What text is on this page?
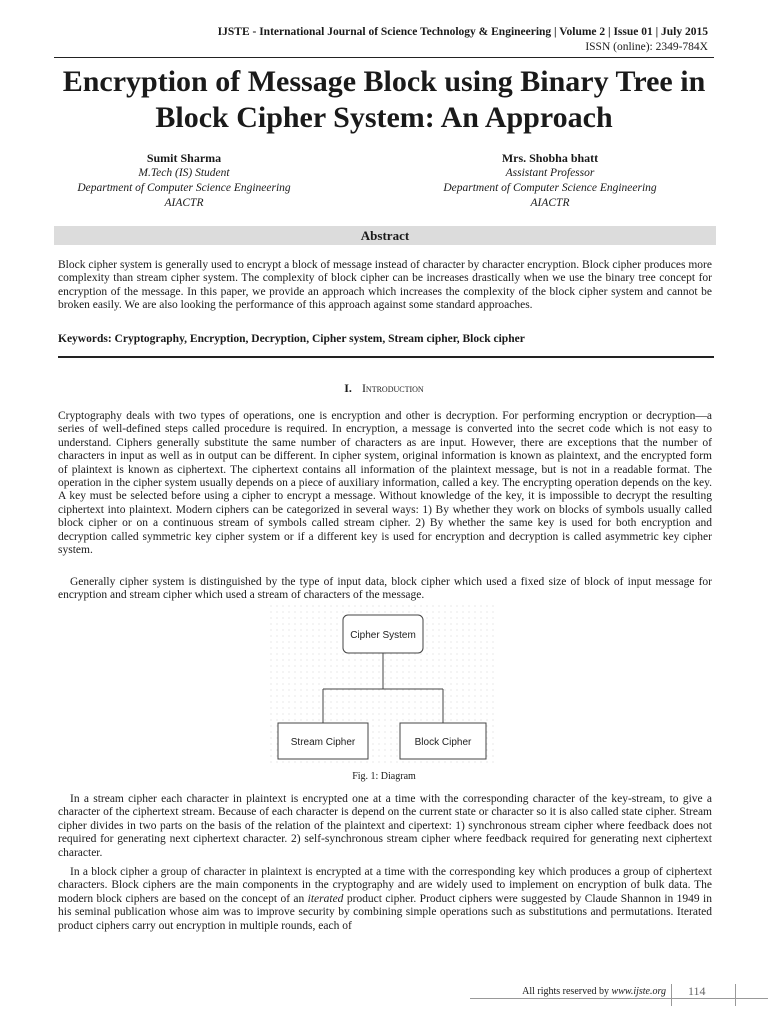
IJSTE - International Journal of Science Technology & Engineering | Volume 2 | Issue 01 | July 2015
ISSN (online): 2349-784X
Encryption of Message Block using Binary Tree in
Block Cipher System: An Approach
Sumit Sharma
M.Tech (IS) Student
Department of Computer Science Engineering
AIACTR
Mrs. Shobha bhatt
Assistant Professor
Department of Computer Science Engineering
AIACTR
Abstract
Block cipher system is generally used to encrypt a block of message instead of character by character encryption. Block cipher produces more complexity than stream cipher system. The complexity of block cipher can be increases drastically when we use the binary tree concept for encryption of the message. In this paper, we provide an approach which increases the complexity of the block cipher system and cannot be broken easily. We are also looking the performance of this approach against some standard approaches.
Keywords: Cryptography, Encryption, Decryption, Cipher system, Stream cipher, Block cipher
I. Introduction
Cryptography deals with two types of operations, one is encryption and other is decryption. For performing encryption or decryption—a series of well-defined steps called procedure is required. In encryption, a message is converted into the secret code which is not easy to understand. Ciphers generally substitute the same number of characters as are input. However, there are exceptions that the number of characters in input as well as in output can be different. In cipher system, original information is known as plaintext, and the encrypted form of plaintext is known as ciphertext. The ciphertext contains all information of the plaintext message, but is not in a readable format. The operation in the cipher system usually depends on a piece of auxiliary information, called a key. The encrypting operation depends on the key. A key must be selected before using a cipher to encrypt a message. Without knowledge of the key, it is impossible to decrypt the resulting ciphertext into plaintext. Modern ciphers can be categorized in several ways: 1) By whether they work on blocks of symbols usually called block cipher or on a continuous stream of symbols called stream cipher. 2) By whether the same key is used for both encryption and decryption called symmetric key cipher system or if a different key is used for encryption and decryption is called asymmetric key cipher system.
Generally cipher system is distinguished by the type of input data, block cipher which used a fixed size of block of input message for encryption and stream cipher which used a stream of characters of the message.
Cipher System
Stream Cipher	Block Cipher
Fig. 1: Diagram
In a stream cipher each character in plaintext is encrypted one at a time with the corresponding character of the key-stream, to give a character of the ciphertext stream. Because of each character is depend on the current state or character so it is also called state cipher. Stream cipher divides in two parts on the basis of the relation of the plaintext and cipertext: 1) synchronous stream cipher where feedback does not required for generating next ciphertext character. 2) self-synchronous stream cipher where feedback required for generating next ciphertext character.
In a block cipher a group of character in plaintext is encrypted at a time with the corresponding key which produces a group of ciphertext characters. Block ciphers are the main components in the cryptography and are widely used to implement on encryption of bulk data. The modern block ciphers are based on the concept of an iterated product cipher. Product ciphers were suggested by Claude Shannon in 1949 in his seminal publication whose aim was to improve security by combining simple operations such as substitutions and permutations. Iterated product ciphers carry out encryption in multiple rounds, each of
All rights reserved by www.ijste.org 114
